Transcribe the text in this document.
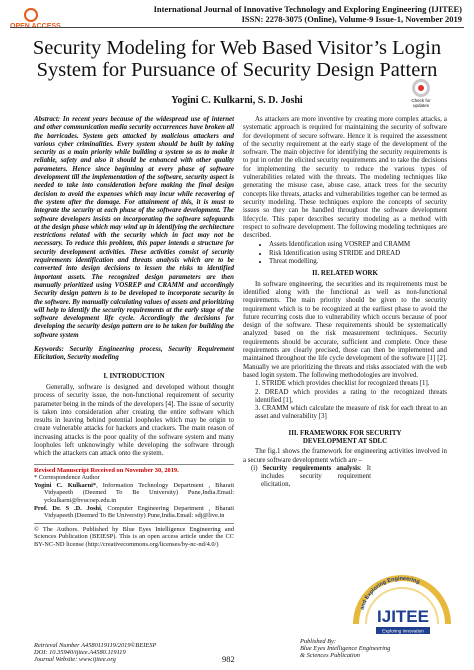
International Journal of Innovative Technology and Exploring Engineering (IJITEE)
ISSN: 2278-3075 (Online), Volume-9 Issue-1, November 2019
Security Modeling for Web Based Visitor’s Login
System for Pursuance of Security Design Pattern
Yogini C. Kulkarni, S. D. Joshi	Check for updates

Abstract: In recent years because of the widespread use of internet and other communication media security occurrences have broken all the barricades. System gets attacked by malicious attackers and various cyber criminalities. Every system should be built by taking security as a main priority while building a system so as to make it reliable, safety and also it should be enhanced with other quality parameters. Hence since beginning at every phase of software development till the implementation of the software, security aspect is needed to take into consideration before making the final design decision to avoid the expenses which may incur while recovering of the system after the damage. For attainment of this, it is must to integrate the security at each phase of the software development. The software developers insists on incorporating the software safeguards at the design phase which may wind up in identifying the architecture restrictions related with the security which in fact may not be necessary. To reduce this problem, this paper intends a structure for security development activities. These activities consist of security requirements identification and threats analysis which are to be converted into design decisions to lessen the risks to identified important assets. The recognized design parameters are then manually prioritized using VOSREP and CRAMM and accordingly Security design pattern is to be developed to incorporate security in the software. By manually calculating values of assets and prioritizing will help to identify the security requirements at the early stage of the software development life cycle. Accordingly the decisions for developing the security design pattern are to be taken for building the software system

Keywords: Security Engineering process, Security Requirement Elicitation, Security modeling

I. INTRODUCTION

Generally, software is designed and developed without thought process of security issue, the non-functional requirement of security parameter being in the minds of the developers [4]. The issue of security is taken into consideration after creating the entire software which results in leaving behind potential loopholes which may be origin to create vulnerable attacks for hackers and crackers. The main reason of increasing attacks is the poor quality of the software system and many loopholes left unknowingly while developing the software through which the attackers can attack onto the system.

Revised Manuscript Received on November 30, 2019.
* Correspondence Author
Yogini C. Kulkarni*, Information Technology Department , Bharati Vidyapeeth (Deemed To Be University) Pune,India.Email: yckulkarni@bvucoep.edu.in
Prof. Dr. S .D. Joshi, Computer Engineering Department , Bharati Vidyapeeth (Deemed To Be University) Pune,India.Email: sdj@live.in
© The Authors. Published by Blue Eyes Intelligence Engineering and Sciences Publication (BEIESP). This is an open access article under the CC BY-NC-ND license (http://creativecommons.org/licenses/by-nc-nd/4.0/)

As attackers are more inventive by creating more complex attacks, a systematic approach is required for maintaining the security of software for development of secure software. Hence it is required the assessment of the security requirement at the early stage of the development of the software. The main objective for identifying the security requirements is to put in order the elicited security requirements and to take the decisions for implementing the security to reduce the various types of vulnerabilities related with the threats. The modeling techniques like generating the misuse case, abuse case, attack trees for the security concepts like threats, attacks and vulnerabilities together can be termed as security modeling. These techniques explore the concepts of security issues so they can be handled throughout the software development lifecycle. This paper describes security modeling as a method with respect to software development. The following modeling techniques are described.

• Assets Identification using VOSREP and CRAMM
• Risk Identification using STRIDE and DREAD
• Threat modelling.
II. RELATED WORK

In software engineering, the securities and its requirements must be identified along with the functional as well as non-functional requirements. The main priority should be given to the security requirement which is to be recognized at the earliest phase to avoid the future recurring costs due to vulnerability which occurs because of poor design of the software. These requirements should be systematically analyzed based on the risk measurement techniques. Security requirements should be accurate, sufficient and complete. Once these requirements are clearly precised, those can then be implemented and maintained throughout the life cycle development of the software [1] [2]. Manually we are prioritizing the threats and risks associated with the web based login system. The following methodologies are involved.

1. STRIDE which provides checklist for recognized threats [1].
2. DREAD which provides a rating to the recognized threats identified [1],
3. CRAMM which calculate the measure of risk for each threat to an asset and vulnerability [3]
III. FRAMEWORK FOR SECURITY
DEVELOPMENT AT SDLC

The fig.1 shows the framework for engineering activities involved in a secure software development which are –

(i) Security requirements analysis: It includes security requirement elicitation,
and Exploring Engineering
IJITEE
Exploring Innovation
Retrieval Number A4580119119/2019©BEIESP
DOI: 10.35940/ijitee.A4580.119119
Journal Website: www.ijitee.org	982
Published By:
Blue Eyes Intelligence Engineering
& Sciences Publication
